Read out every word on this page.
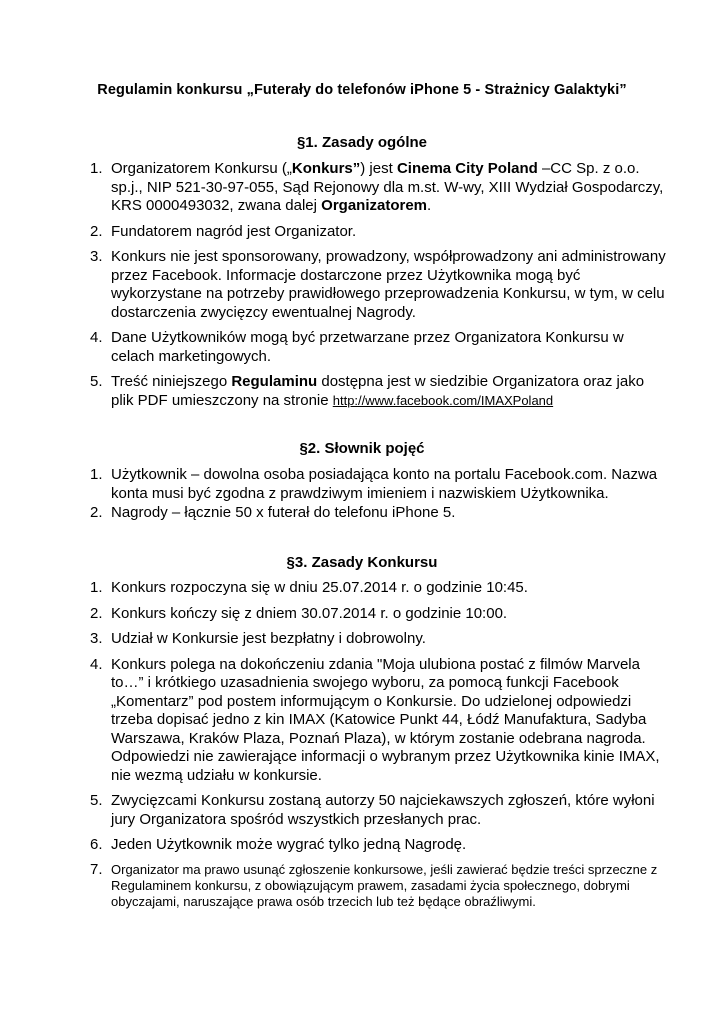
Regulamin konkursu „Futerały do telefonów iPhone 5 - Strażnicy Galaktyki”
§1. Zasady ogólne
1. Organizatorem Konkursu („Konkurs”) jest Cinema City Poland –CC Sp. z o.o. sp.j., NIP 521-30-97-055, Sąd Rejonowy dla m.st. W-wy, XIII Wydział Gospodarczy, KRS 0000493032, zwana dalej Organizatorem.
2. Fundatorem nagród jest Organizator.
3. Konkurs nie jest sponsorowany, prowadzony, współprowadzony ani administrowany przez Facebook. Informacje dostarczone przez Użytkownika mogą być wykorzystane na potrzeby prawidłowego przeprowadzenia Konkursu, w tym, w celu dostarczenia zwycięzcy ewentualnej Nagrody.
4. Dane Użytkowników mogą być przetwarzane przez Organizatora Konkursu w celach marketingowych.
5. Treść niniejszego Regulaminu dostępna jest w siedzibie Organizatora oraz jako plik PDF umieszczony na stronie http://www.facebook.com/IMAXPoland
§2. Słownik pojęć
1. Użytkownik – dowolna osoba posiadająca konto na portalu Facebook.com. Nazwa konta musi być zgodna z prawdziwym imieniem i nazwiskiem Użytkownika.
2. Nagrody – łącznie 50 x futerał do telefonu iPhone 5.
§3. Zasady Konkursu
1. Konkurs rozpoczyna się w dniu 25.07.2014 r. o godzinie 10:45.
2. Konkurs kończy się z dniem 30.07.2014 r. o godzinie 10:00.
3. Udział w Konkursie jest bezpłatny i dobrowolny.
4. Konkurs polega na dokończeniu zdania "Moja ulubiona postać z filmów Marvela to…” i krótkiego uzasadnienia swojego wyboru, za pomocą funkcji Facebook „Komentarz” pod postem informującym o Konkursie. Do udzielonej odpowiedzi trzeba dopisać jedno z kin IMAX (Katowice Punkt 44, Łódź Manufaktura, Sadyba Warszawa, Kraków Plaza, Poznań Plaza), w którym zostanie odebrana nagroda. Odpowiedzi nie zawierające informacji o wybranym przez Użytkownika kinie IMAX, nie wezmą udziału w konkursie.
5. Zwycięzcami Konkursu zostaną autorzy 50 najciekawszych zgłoszeń, które wyłoni jury Organizatora spośród wszystkich przesłanych prac.
6. Jeden Użytkownik może wygrać tylko jedną Nagrodę.
7. Organizator ma prawo usunąć zgłoszenie konkursowe, jeśli zawierać będzie treści sprzeczne z Regulaminem konkursu, z obowiązującym prawem, zasadami życia społecznego, dobrymi obyczajami, naruszające prawa osób trzecich lub też będące obraźliwymi.
